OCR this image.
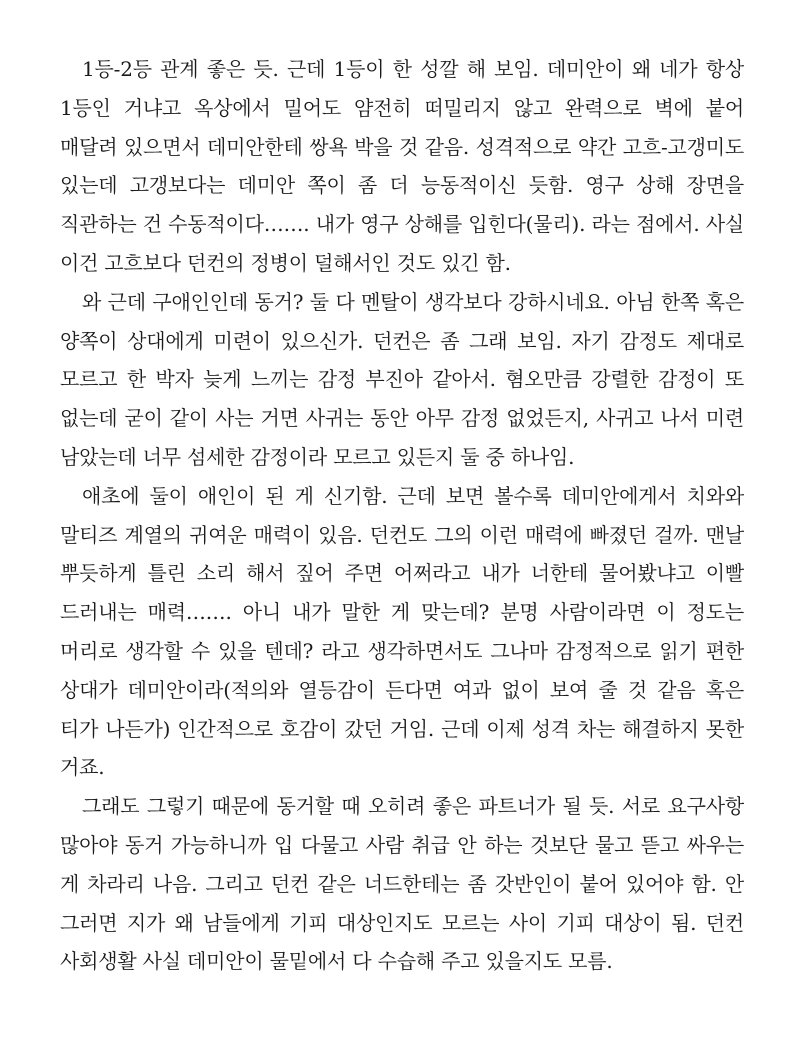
1등-2등 관계 좋은 듯. 근데 1등이 한 성깔 해 보임. 데미안이 왜 네가 항상 1등인 거냐고 옥상에서 밀어도 얌전히 떠밀리지 않고 완력으로 벽에 붙어 매달려 있으면서 데미안한테 쌍욕 박을 것 같음. 성격적으로 약간 고흐-고갱미도 있는데 고갱보다는 데미안 쪽이 좀 더 능동적이신 듯함. 영구 상해 장면을 직관하는 건 수동적이다……. 내가 영구 상해를 입힌다(물리). 라는 점에서. 사실 이건 고흐보다 던컨의 정병이 덜해서인 것도 있긴 함.

와 근데 구애인인데 동거? 둘 다 멘탈이 생각보다 강하시네요. 아님 한쪽 혹은 양쪽이 상대에게 미련이 있으신가. 던컨은 좀 그래 보임. 자기 감정도 제대로 모르고 한 박자 늦게 느끼는 감정 부진아 같아서. 혐오만큼 강렬한 감정이 또 없는데 굳이 같이 사는 거면 사귀는 동안 아무 감정 없었든지, 사귀고 나서 미련 남았는데 너무 섬세한 감정이라 모르고 있든지 둘 중 하나임.

애초에 둘이 애인이 된 게 신기함. 근데 보면 볼수록 데미안에게서 치와와 말티즈 계열의 귀여운 매력이 있음. 던컨도 그의 이런 매력에 빠졌던 걸까. 맨날 뿌듯하게 틀린 소리 해서 짚어 주면 어쩌라고 내가 너한테 물어봤냐고 이빨 드러내는 매력……. 아니 내가 말한 게 맞는데? 분명 사람이라면 이 정도는 머리로 생각할 수 있을 텐데? 라고 생각하면서도 그나마 감정적으로 읽기 편한 상대가 데미안이라(적의와 열등감이 든다면 여과 없이 보여 줄 것 같음 혹은 티가 나든가) 인간적으로 호감이 갔던 거임. 근데 이제 성격 차는 해결하지 못한 거죠.

그래도 그렇기 때문에 동거할 때 오히려 좋은 파트너가 될 듯. 서로 요구사항 많아야 동거 가능하니까 입 다물고 사람 취급 안 하는 것보단 물고 뜯고 싸우는 게 차라리 나음. 그리고 던컨 같은 너드한테는 좀 갓반인이 붙어 있어야 함. 안 그러면 지가 왜 남들에게 기피 대상인지도 모르는 사이 기피 대상이 됨. 던컨 사회생활 사실 데미안이 물밑에서 다 수습해 주고 있을지도 모름.
